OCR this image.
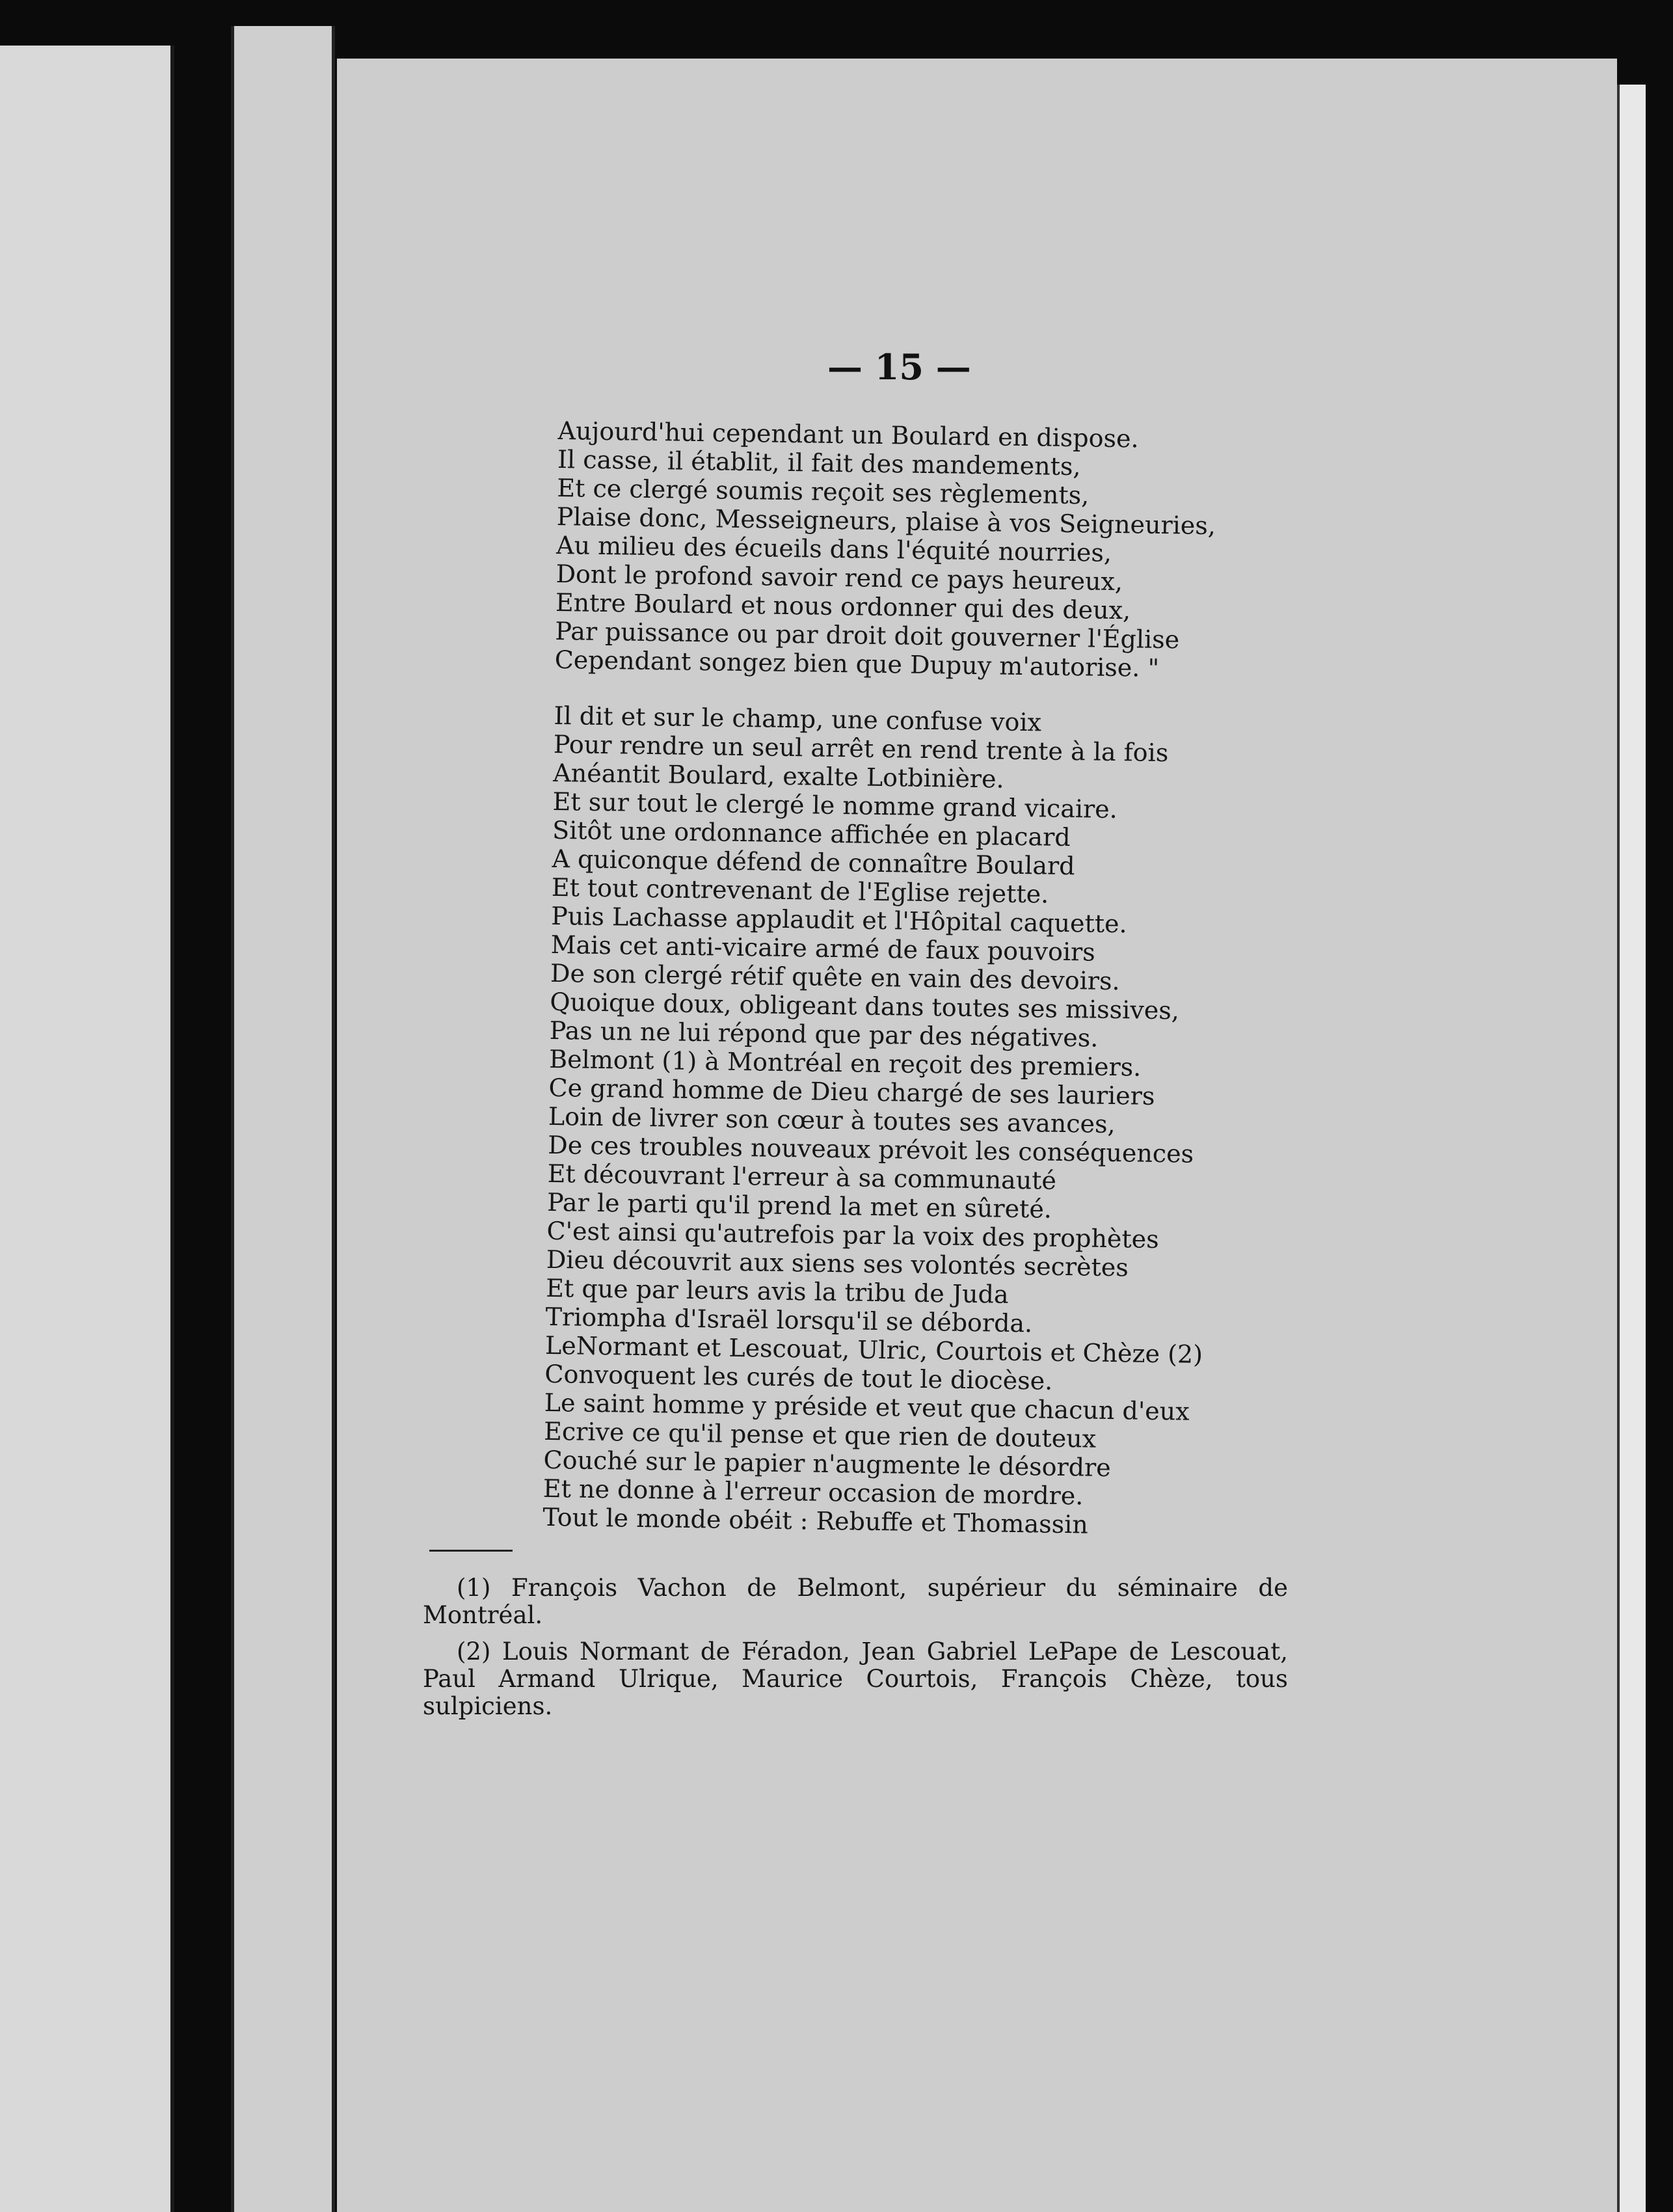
— 15 —
Aujourd'hui cependant un Boulard en dispose.
Il casse, il établit, il fait des mandements,
Et ce clergé soumis reçoit ses règlements,
Plaise donc, Messeigneurs, plaise à vos Seigneuries,
Au milieu des écueils dans l'équité nourries,
Dont le profond savoir rend ce pays heureux,
Entre Boulard et nous ordonner qui des deux,
Par puissance ou par droit doit gouverner l'Église
Cependant songez bien que Dupuy m'autorise. "
Il dit et sur le champ, une confuse voix
Pour rendre un seul arrêt en rend trente à la fois
Anéantit Boulard, exalte Lotbinière.
Et sur tout le clergé le nomme grand vicaire.
Sitôt une ordonnance affichée en placard
A quiconque défend de connaître Boulard
Et tout contrevenant de l'Eglise rejette.
Puis Lachasse applaudit et l'Hôpital caquette.
Mais cet anti-vicaire armé de faux pouvoirs
De son clergé rétif quête en vain des devoirs.
Quoique doux, obligeant dans toutes ses missives,
Pas un ne lui répond que par des négatives.
Belmont (1) à Montréal en reçoit des premiers.
Ce grand homme de Dieu chargé de ses lauriers
Loin de livrer son cœur à toutes ses avances,
De ces troubles nouveaux prévoit les conséquences
Et découvrant l'erreur à sa communauté
Par le parti qu'il prend la met en sûreté.
C'est ainsi qu'autrefois par la voix des prophètes
Dieu découvrit aux siens ses volontés secrètes
Et que par leurs avis la tribu de Juda
Triompha d'Israël lorsqu'il se déborda.
LeNormant et Lescouat, Ulric, Courtois et Chèze (2)
Convoquent les curés de tout le diocèse.
Le saint homme y préside et veut que chacun d'eux
Ecrive ce qu'il pense et que rien de douteux
Couché sur le papier n'augmente le désordre
Et ne donne à l'erreur occasion de mordre.
Tout le monde obéit : Rebuffe et Thomassin

(1) François Vachon de Belmont, supérieur du séminaire de Montréal.

(2) Louis Normant de Féradon, Jean Gabriel LePape de Lescouat, Paul Armand Ulrique, Maurice Courtois, François Chèze, tous sulpiciens.
